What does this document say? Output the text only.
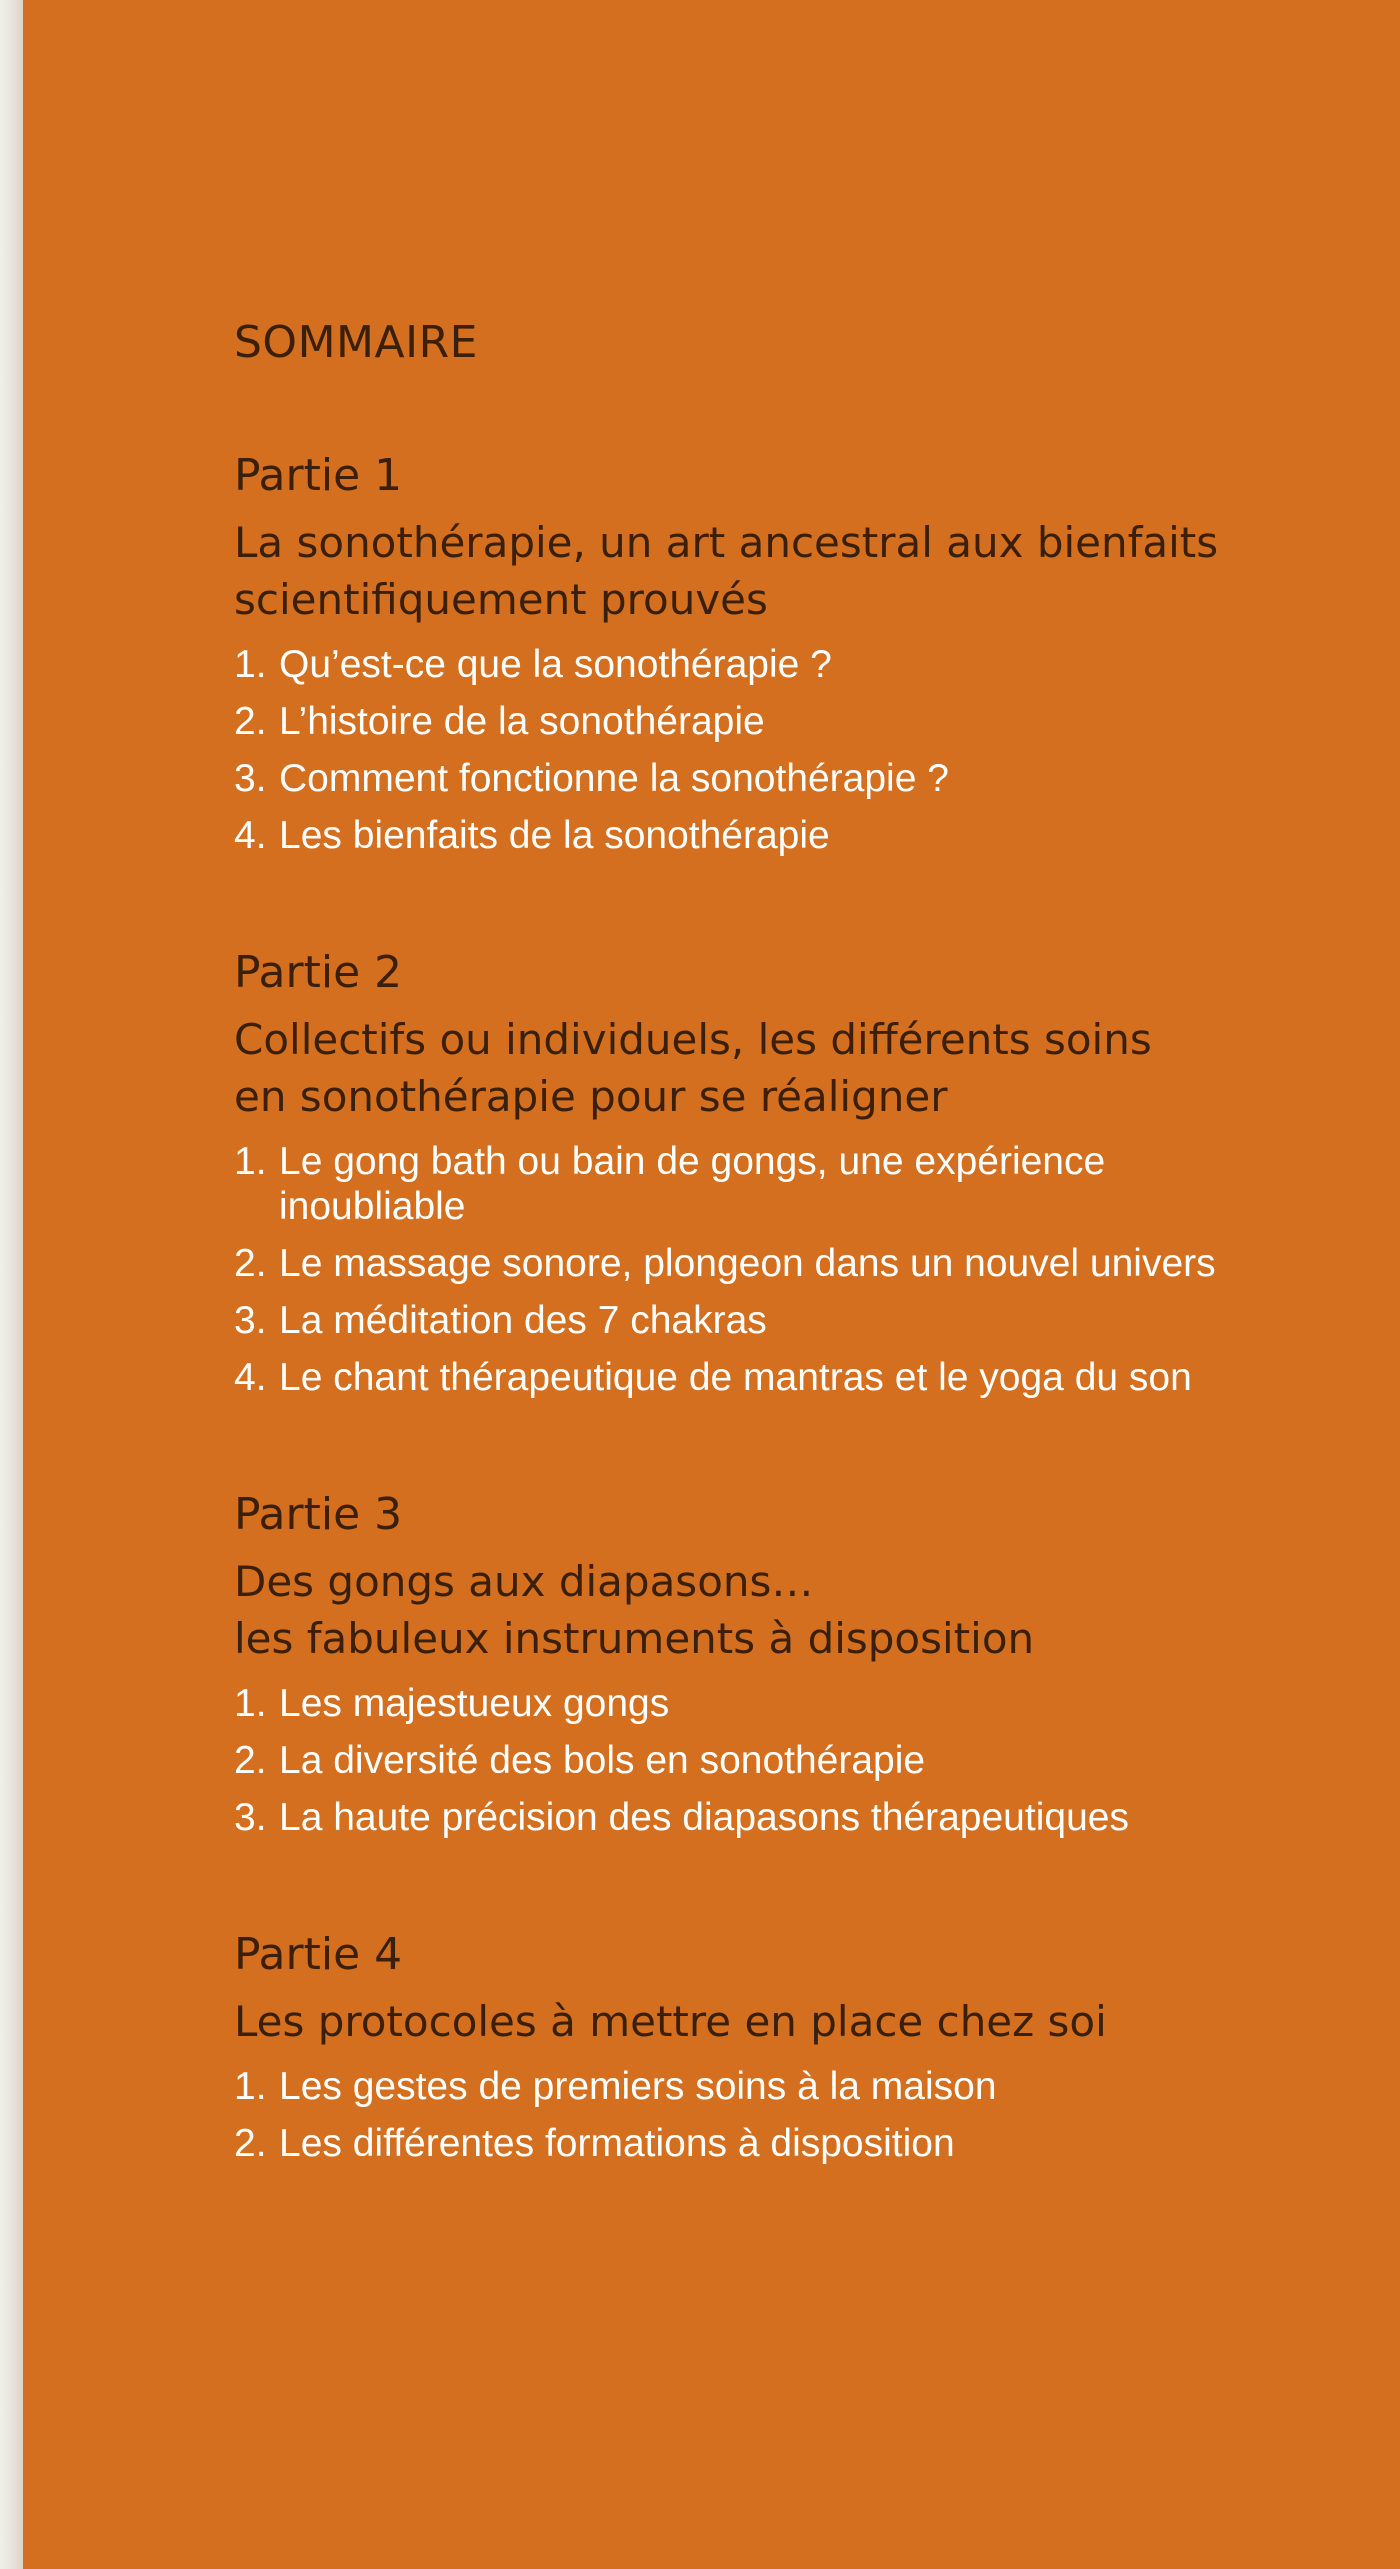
SOMMAIRE
Partie 1
La sonothérapie, un art ancestral aux bienfaits
scientifiquement prouvés
1. Qu’est-ce que la sonothérapie ?
2. L’histoire de la sonothérapie
3. Comment fonctionne la sonothérapie ?
4. Les bienfaits de la sonothérapie
Partie 2
Collectifs ou individuels, les différents soins
en sonothérapie pour se réaligner
1. Le gong bath ou bain de gongs, une expérience inoubliable
2. Le massage sonore, plongeon dans un nouvel univers
3. La méditation des 7 chakras
4. Le chant thérapeutique de mantras et le yoga du son
Partie 3
Des gongs aux diapasons…
les fabuleux instruments à disposition
1. Les majestueux gongs
2. La diversité des bols en sonothérapie
3. La haute précision des diapasons thérapeutiques
Partie 4
Les protocoles à mettre en place chez soi
1. Les gestes de premiers soins à la maison
2. Les différentes formations à disposition
